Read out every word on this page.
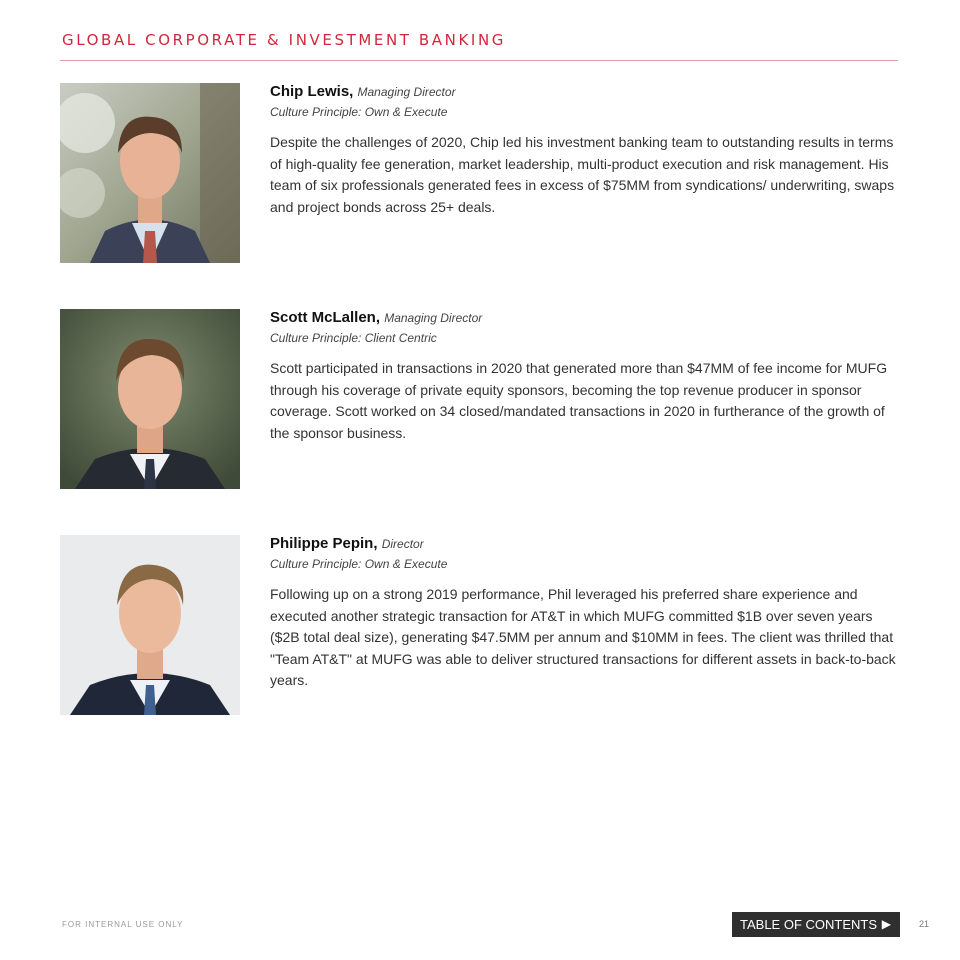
GLOBAL CORPORATE & INVESTMENT BANKING
Chip Lewis, Managing Director
Culture Principle: Own & Execute
Despite the challenges of 2020, Chip led his investment banking team to outstanding results in terms of high-quality fee generation, market leadership, multi-product execution and risk management. His team of six professionals generated fees in excess of $75MM from syndications/ underwriting, swaps and project bonds across 25+ deals.
Scott McLallen, Managing Director
Culture Principle: Client Centric
Scott participated in transactions in 2020 that generated more than $47MM of fee income for MUFG through his coverage of private equity sponsors, becoming the top revenue producer in sponsor coverage. Scott worked on 34 closed/mandated transactions in 2020 in furtherance of the growth of the sponsor business.
Philippe Pepin, Director
Culture Principle: Own & Execute
Following up on a strong 2019 performance, Phil leveraged his preferred share experience and executed another strategic transaction for AT&T in which MUFG committed $1B over seven years ($2B total deal size), generating $47.5MM per annum and $10MM in fees. The client was thrilled that "Team AT&T" at MUFG was able to deliver structured transactions for different assets in back-to-back years.
FOR INTERNAL USE ONLY	TABLE OF CONTENTS ▶	21
